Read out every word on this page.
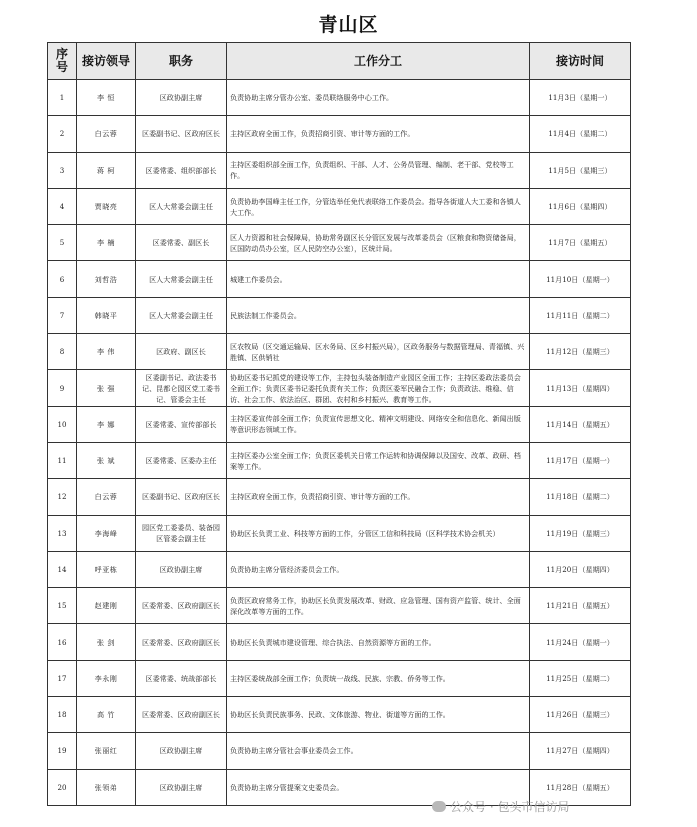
青山区
序号	接访领导	职务	工作分工	接访时间
1	李 恒	区政协副主席	负责协助主席分管办公室、委员联络服务中心工作。	11月3日（星期一）
2	白云蓉	区委副书记、区政府区长	主持区政府全面工作，负责招商引资、审计等方面的工作。	11月4日（星期二）
3	蒋 柯	区委常委、组织部部长	主持区委组织部全面工作，负责组织、干部、人才、公务员管理、编制、老干部、党校等工作。	11月5日（星期三）
4	贾晓亮	区人大常委会副主任	负责协助李国峰主任工作，分管选举任免代表联络工作委员会。指导各街道人大工委和各镇人大工作。	11月6日（星期四）
5	李 楠	区委常委、副区长	区人力资源和社会保障局，协助常务副区长分管区发展与改革委员会（区粮食和物资储备局，区国防动员办公室，区人民防空办公室），区统计局。	11月7日（星期五）
6	刘哲浩	区人大常委会副主任	城建工作委员会。	11月10日（星期一）
7	韩晓平	区人大常委会副主任	民族法制工作委员会。	11月11日（星期二）
8	李 伟	区政府、副区长	区农牧局（区交通运输局、区水务局、区乡村振兴局），区政务服务与数据管理局、青福镇、兴胜镇、区供销社	11月12日（星期三）
9	张 强	区委副书记、政法委书记、昆都仑园区党工委书记、管委会主任	协助区委书记抓党的建设等工作，主持包头装备制造产业园区全面工作；主持区委政法委员会全面工作；负责区委书记委托负责有关工作；负责区委军民融合工作；负责政法、维稳、信访、社会工作、依法治区、群团、农村和乡村振兴、教育等工作。	11月13日（星期四）
10	李 娜	区委常委、宣传部部长	主持区委宣传部全面工作；负责宣传思想文化、精神文明建设、网络安全和信息化、新闻出版等意识形态领域工作。	11月14日（星期五）
11	张 斌	区委常委、区委办主任	主持区委办公室全面工作；负责区委机关日常工作运转和协调保障以及国安、改革、政研、档案等工作。	11月17日（星期一）
12	白云蓉	区委副书记、区政府区长	主持区政府全面工作，负责招商引资、审计等方面的工作。	11月18日（星期二）
13	李海峰	园区党工委委员、装备园区管委会副主任	协助区长负责工业、科技等方面的工作，分管区工信和科技局（区科学技术协会机关）	11月19日（星期三）
14	呼亚栋	区政协副主席	负责协助主席分管经济委员会工作。	11月20日（星期四）
15	赵建刚	区委常委、区政府副区长	负责区政府常务工作，协助区长负责发展改革、财政、应急管理、国有资产监管、统计、全面深化改革等方面的工作。	11月21日（星期五）
16	张 剑	区委常委、区政府副区长	协助区长负责城市建设管理、综合执法、自然资源等方面的工作。	11月24日（星期一）
17	李永刚	区委常委、统战部部长	主持区委统战部全面工作；负责统一战线、民族、宗教、侨务等工作。	11月25日（星期二）
18	高 竹	区委常委、区政府副区长	协助区长负责民族事务、民政、文体旅游、物业、街道等方面的工作。	11月26日（星期三）
19	张丽红	区政协副主席	负责协助主席分管社会事业委员会工作。	11月27日（星期四）
20	张领弟	区政协副主席	负责协助主席分管提案文史委员会。	11月28日（星期五）
公众号 · 包头市信访局
